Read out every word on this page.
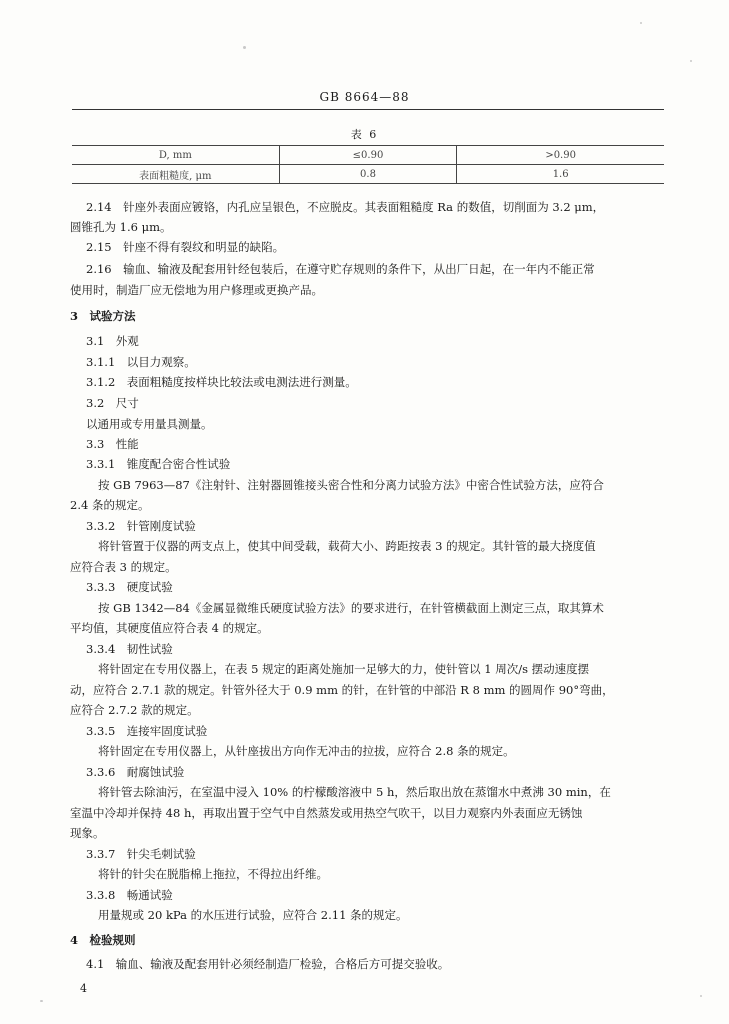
GB 8664—88
表 6
D, mm	≤0.90	>0.90
表面粗糙度, μm	0.8	1.6
2.14　针座外表面应镀铬，内孔应呈银色，不应脱皮。其表面粗糙度 Ra 的数值，切削面为 3.2 μm，
圆锥孔为 1.6 μm。
2.15　针座不得有裂纹和明显的缺陷。
2.16　输血、输液及配套用针经包装后，在遵守贮存规则的条件下，从出厂日起，在一年内不能正常
使用时，制造厂应无偿地为用户修理或更换产品。
3　试验方法
3.1　外观
3.1.1　以目力观察。
3.1.2　表面粗糙度按样块比较法或电测法进行测量。
3.2　尺寸
以通用或专用量具测量。
3.3　性能
3.3.1　锥度配合密合性试验
按 GB 7963—87《注射针、注射器圆锥接头密合性和分离力试验方法》中密合性试验方法，应符合
2.4 条的规定。
3.3.2　针管刚度试验
将针管置于仪器的两支点上，使其中间受载，载荷大小、跨距按表 3 的规定。其针管的最大挠度值
应符合表 3 的规定。
3.3.3　硬度试验
按 GB 1342—84《金属显微维氏硬度试验方法》的要求进行，在针管横截面上测定三点，取其算术
平均值，其硬度值应符合表 4 的规定。
3.3.4　韧性试验
将针固定在专用仪器上，在表 5 规定的距离处施加一足够大的力，使针管以 1 周次/s 摆动速度摆
动，应符合 2.7.1 款的规定。针管外径大于 0.9 mm 的针，在针管的中部沿 R 8 mm 的圆周作 90°弯曲，
应符合 2.7.2 款的规定。
3.3.5　连接牢固度试验
将针固定在专用仪器上，从针座拔出方向作无冲击的拉拔，应符合 2.8 条的规定。
3.3.6　耐腐蚀试验
将针管去除油污，在室温中浸入 10% 的柠檬酸溶液中 5 h，然后取出放在蒸馏水中煮沸 30 min，在
室温中冷却并保持 48 h，再取出置于空气中自然蒸发或用热空气吹干，以目力观察内外表面应无锈蚀
现象。
3.3.7　针尖毛刺试验
将针的针尖在脱脂棉上拖拉，不得拉出纤维。
3.3.8　畅通试验
用量规或 20 kPa 的水压进行试验，应符合 2.11 条的规定。
4　检验规则
4.1　输血、输液及配套用针必须经制造厂检验，合格后方可提交验收。
4
